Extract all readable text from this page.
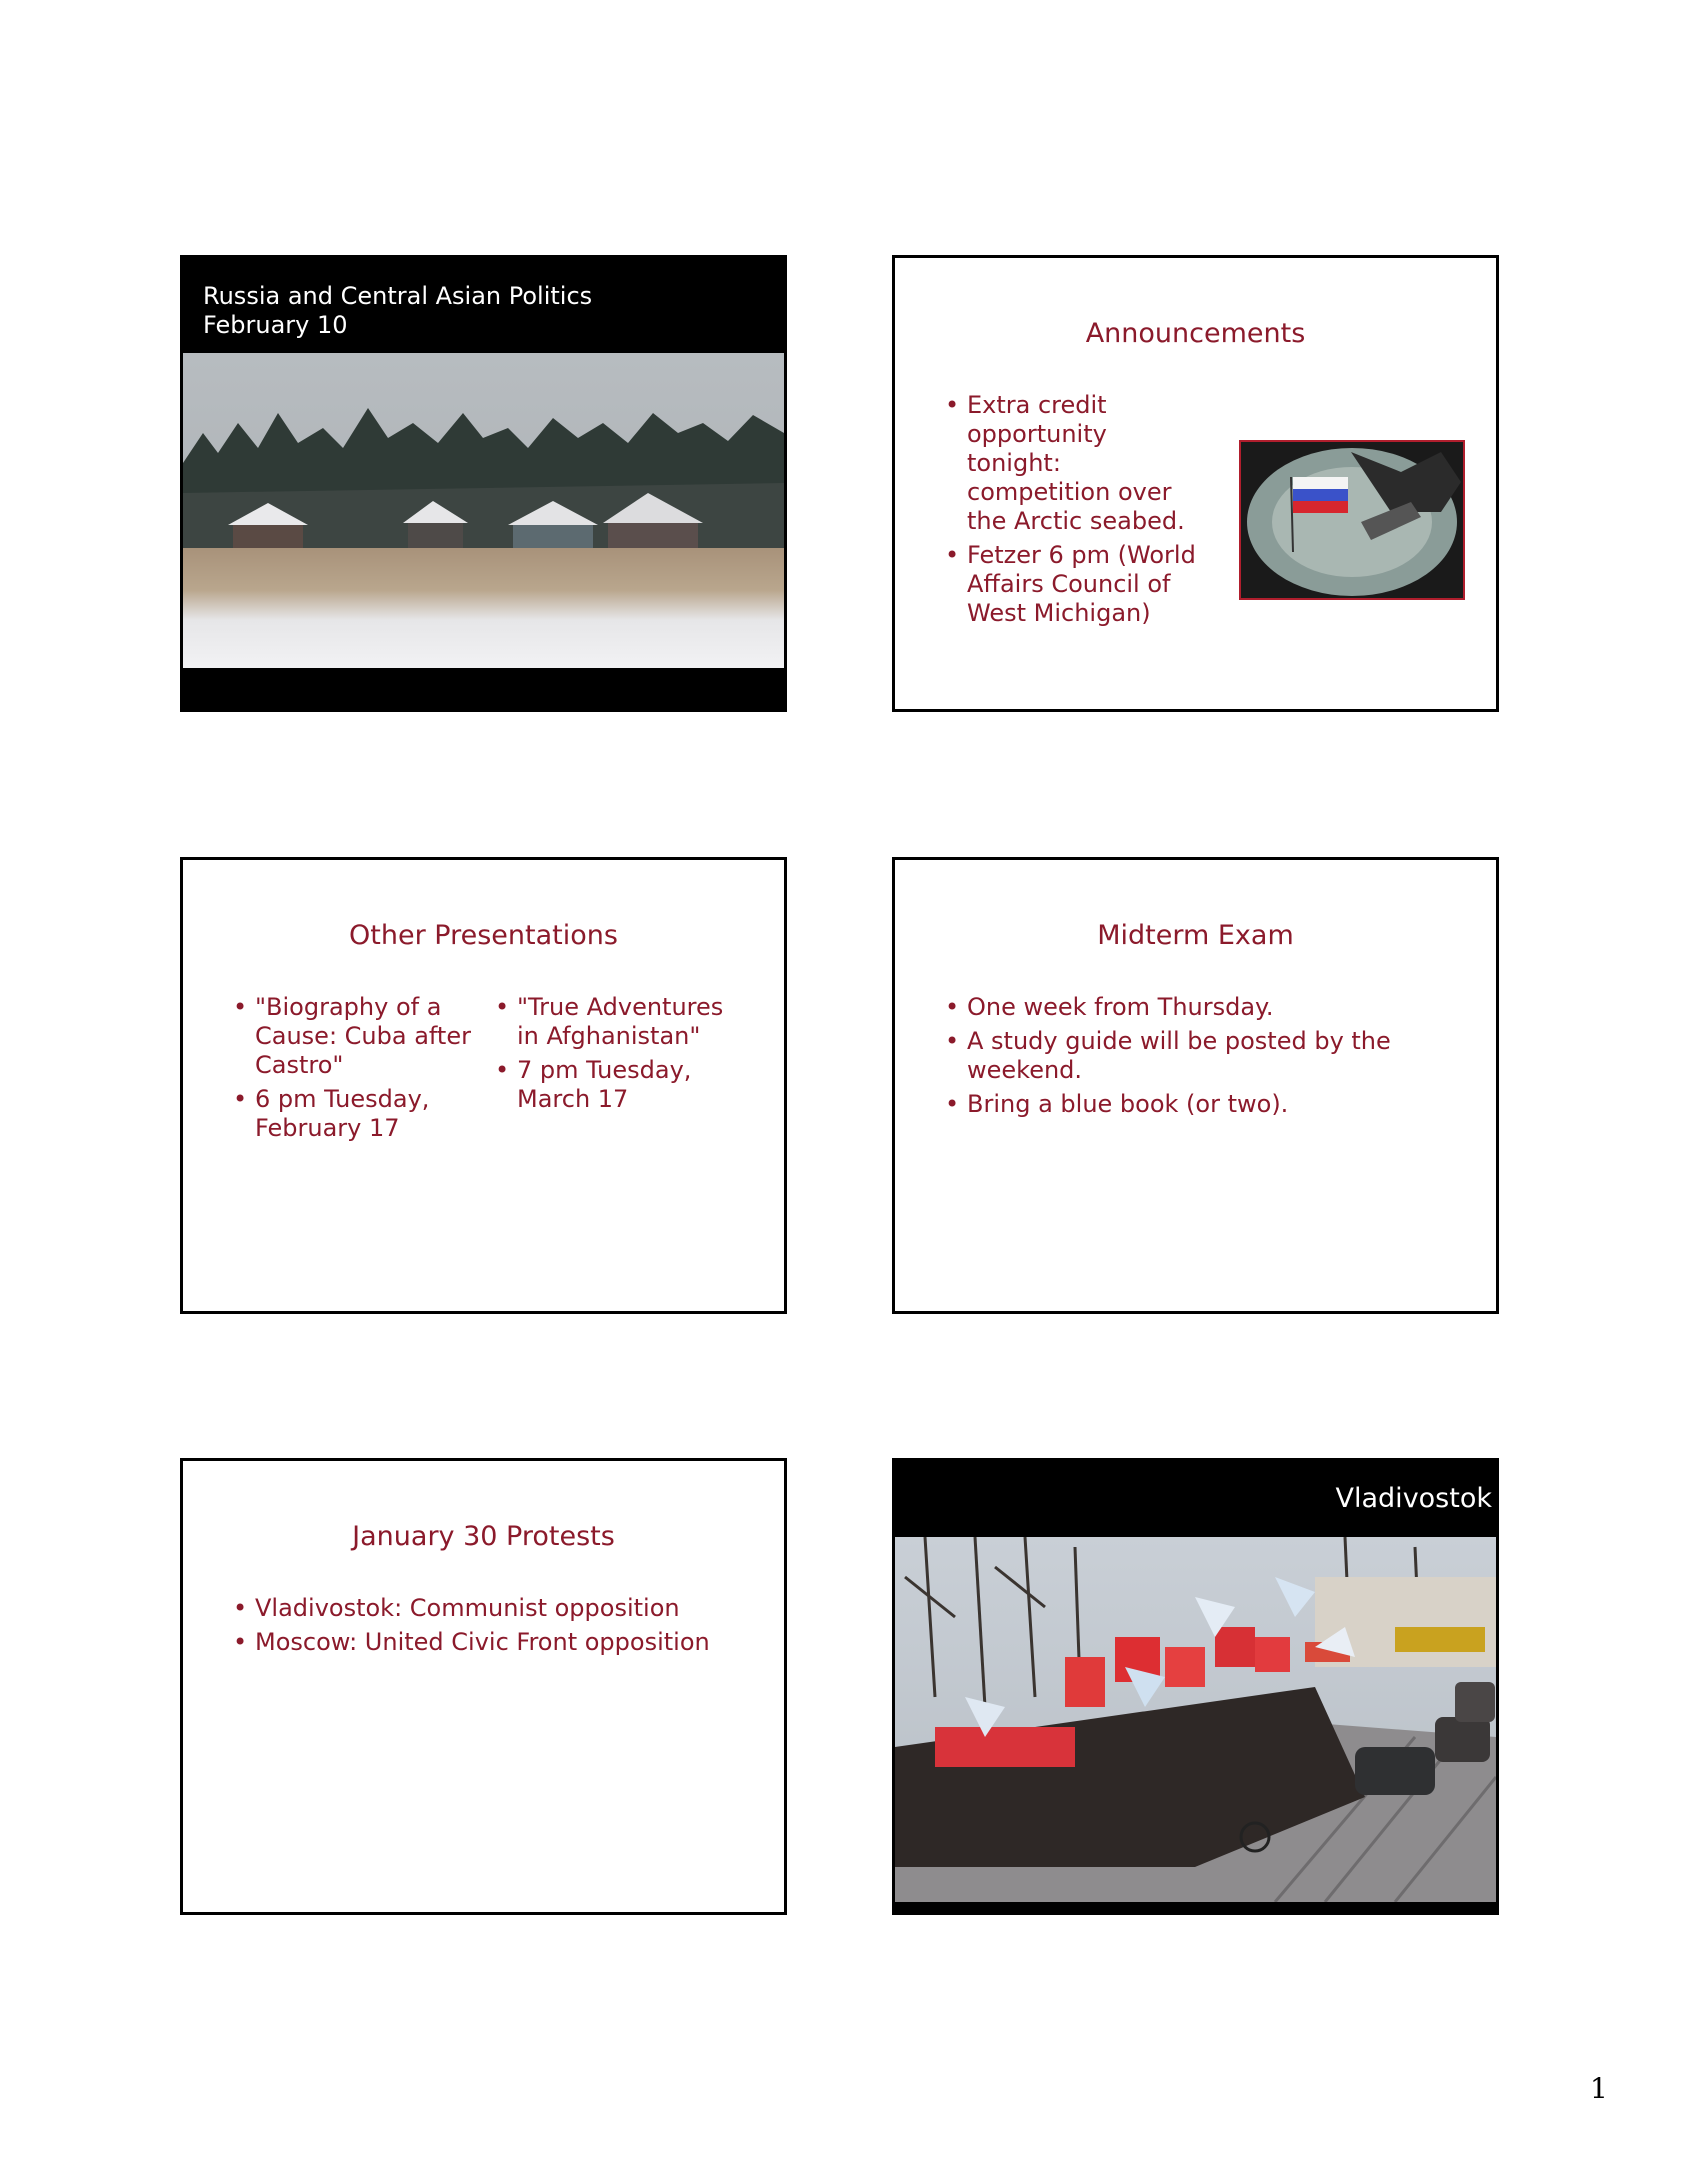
Russia and Central Asian Politics
February 10	Announcements
• Extra credit opportunity tonight: competition over the Arctic seabed.
• Fetzer 6 pm (World Affairs Council of West Michigan)
Other Presentations
• "Biography of a Cause: Cuba after Castro"
• 6 pm Tuesday, February 17
• "True Adventures in Afghanistan"
• 7 pm Tuesday, March 17
Midterm Exam
• One week from Thursday.
• A study guide will be posted by the weekend.
• Bring a blue book (or two).
January 30 Protests
• Vladivostok: Communist opposition
• Moscow: United Civic Front opposition
Vladivostok
1
